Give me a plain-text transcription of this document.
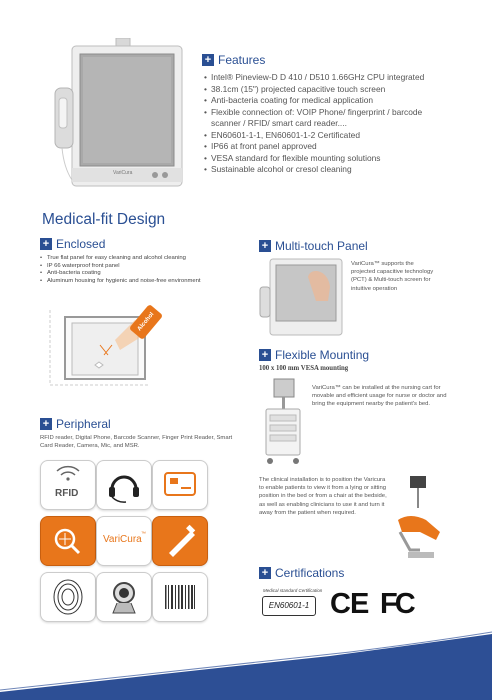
VariCura
+ Features
• Intel® Pineview-D D 410 / D510 1.66GHz CPU integrated
• 38.1cm (15") projected capacitive touch screen
• Anti-bacteria coating for medical application
• Flexible connection of: VOIP Phone/ fingerprint / barcode scanner / RFID/ smart card reader....
• EN60601-1-1, EN60601-1-2 Certificated
• IP66 at front panel approved
• VESA standard for flexible mounting solutions
• Sustainable alcohol or cresol cleaning
Medical-fit Design
+ Enclosed
• True flat panel for easy cleaning and alcohol cleaning
• IP 66 waterproof front panel
• Anti-bacteria coating
• Aluminum housing for hygienic and noise-free environment
Alcohol
+ Multi-touch Panel
VariCura™ supports the projected capacitive technology (PCT) & Multi-touch screen for intuitive operation
+ Flexible Mounting
100 x 100 mm VESA mounting
VariCura™ can be installed at the nursing cart for movable and efficient usage for nurse or doctor and bring the equipment nearby the patient's bed.
+ Peripheral
RFID reader, Digital Phone, Barcode Scanner, Finger Print Reader, Smart Card Reader, Camera, Mic, and MSR.
RFID
VariCura ™
The clinical installation is to position the Varicura to enable patients to view it from a lying or sitting position in the bed or from a chair at the bedside, as well as enabling clinicians to use it and turn it away from the patient when required.
+ Certifications
Medical standard Certification
EN60601-1 CE FC
